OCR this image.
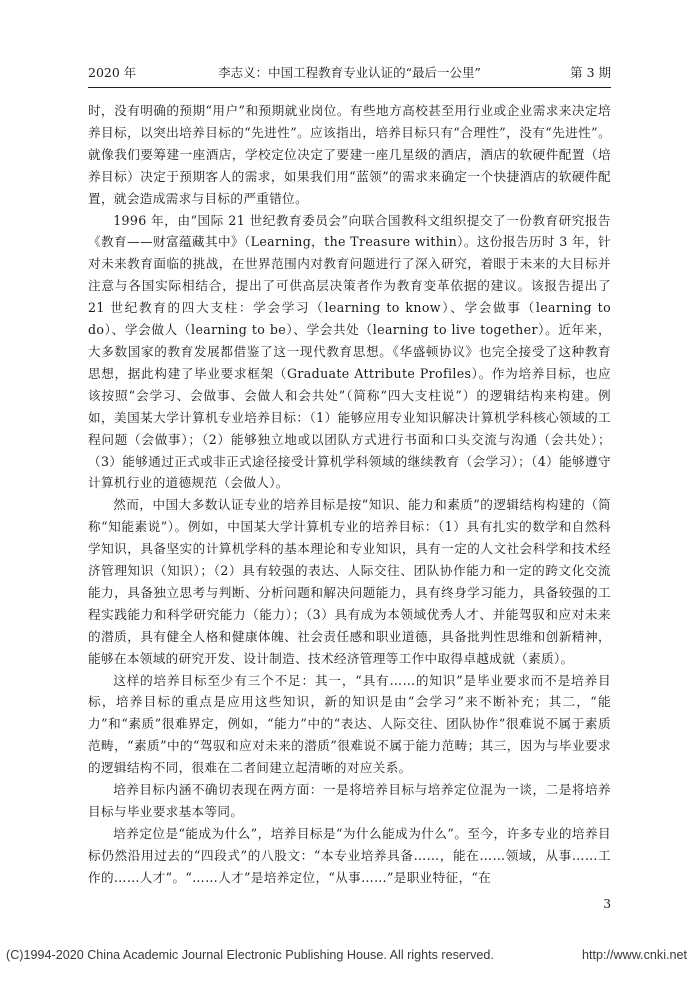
2020 年	李志义：中国工程教育专业认证的“最后一公里”	第 3 期

时，没有明确的预期“用户”和预期就业岗位。有些地方高校甚至用行业或企业需求来决定培养目标，以突出培养目标的“先进性”。应该指出，培养目标只有“合理性”，没有“先进性”。就像我们要筹建一座酒店，学校定位决定了要建一座几星级的酒店，酒店的软硬件配置（培养目标）决定于预期客人的需求，如果我们用“蓝领”的需求来确定一个快捷酒店的软硬件配置，就会造成需求与目标的严重错位。

1996 年，由“国际 21 世纪教育委员会”向联合国教科文组织提交了一份教育研究报告《教育——财富蕴藏其中》（Learning，the Treasure within）。这份报告历时 3 年，针对未来教育面临的挑战，在世界范围内对教育问题进行了深入研究，着眼于未来的大目标并注意与各国实际相结合，提出了可供高层决策者作为教育变革依据的建议。该报告提出了 21 世纪教育的四大支柱：学会学习（learning to know）、学会做事（learning to do）、学会做人（learning to be）、学会共处（learning to live together）。近年来，大多数国家的教育发展都借鉴了这一现代教育思想。《华盛顿协议》也完全接受了这种教育思想，据此构建了毕业要求框架（Graduate Attribute Profiles）。作为培养目标，也应该按照“会学习、会做事、会做人和会共处”（简称“四大支柱说”）的逻辑结构来构建。例如，美国某大学计算机专业培养目标：（1）能够应用专业知识解决计算机学科核心领域的工程问题（会做事）；（2）能够独立地或以团队方式进行书面和口头交流与沟通（会共处）；（3）能够通过正式或非正式途径接受计算机学科领域的继续教育（会学习）；（4）能够遵守计算机行业的道德规范（会做人）。

然而，中国大多数认证专业的培养目标是按“知识、能力和素质”的逻辑结构构建的（简称“知能素说”）。例如，中国某大学计算机专业的培养目标：（1）具有扎实的数学和自然科学知识，具备坚实的计算机学科的基本理论和专业知识，具有一定的人文社会科学和技术经济管理知识（知识）；（2）具有较强的表达、人际交往、团队协作能力和一定的跨文化交流能力，具备独立思考与判断、分析问题和解决问题能力，具有终身学习能力，具备较强的工程实践能力和科学研究能力（能力）；（3）具有成为本领域优秀人才、并能驾驭和应对未来的潜质，具有健全人格和健康体魄、社会责任感和职业道德，具备批判性思维和创新精神，能够在本领域的研究开发、设计制造、技术经济管理等工作中取得卓越成就（素质）。

这样的培养目标至少有三个不足：其一，“具有……的知识”是毕业要求而不是培养目标，培养目标的重点是应用这些知识，新的知识是由“会学习”来不断补充；其二，“能力”和“素质”很难界定，例如，“能力”中的“表达、人际交往、团队协作”很难说不属于素质范畴，“素质”中的“驾驭和应对未来的潜质”很难说不属于能力范畴；其三，因为与毕业要求的逻辑结构不同，很难在二者间建立起清晰的对应关系。

培养目标内涵不确切表现在两方面：一是将培养目标与培养定位混为一谈，二是将培养目标与毕业要求基本等同。

培养定位是“能成为什么”，培养目标是“为什么能成为什么”。至今，许多专业的培养目标仍然沿用过去的“四段式”的八股文：“本专业培养具备……，能在……领域，从事……工作的……人才”。“……人才”是培养定位，“从事……”是职业特征，“在

3
(C)1994-2020 China Academic Journal Electronic Publishing House. All rights reserved.	http://www.cnki.net
